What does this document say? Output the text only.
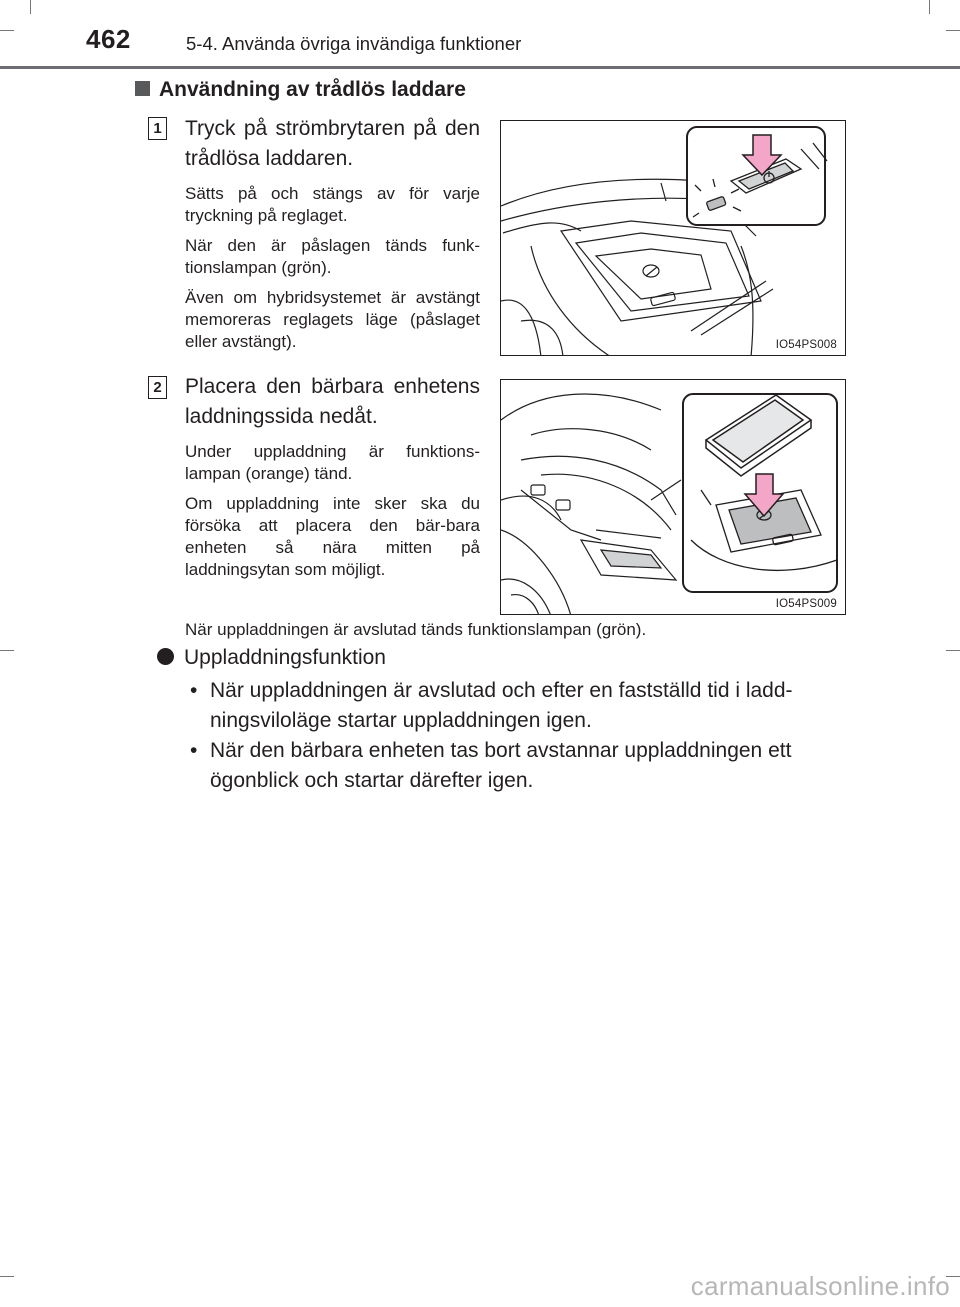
462	5-4. Använda övriga invändiga funktioner
Användning av trådlös laddare
1 Tryck på strömbrytaren på den trådlösa laddaren.

Sätts på och stängs av för varje tryckning på reglaget.

När den är påslagen tänds funk-tionslampan (grön).

Även om hybridsystemet är avstängt memoreras reglagets läge (påslaget eller avstängt).	IO54PS008
2 Placera den bärbara enhetens laddningssida nedåt.

Under uppladdning är funktions-lampan (orange) tänd.

Om uppladdning inte sker ska du försöka att placera den bär-bara enheten så nära mitten på laddningsytan som möjligt.

IO54PS009
När uppladdningen är avslutad tänds funktionslampan (grön).
Uppladdningsfunktion
• När uppladdningen är avslutad och efter en fastställd tid i ladd-ningsviloläge startar uppladdningen igen.
• När den bärbara enheten tas bort avstannar uppladdningen ett ögonblick och startar därefter igen.
carmanualsonline.info
